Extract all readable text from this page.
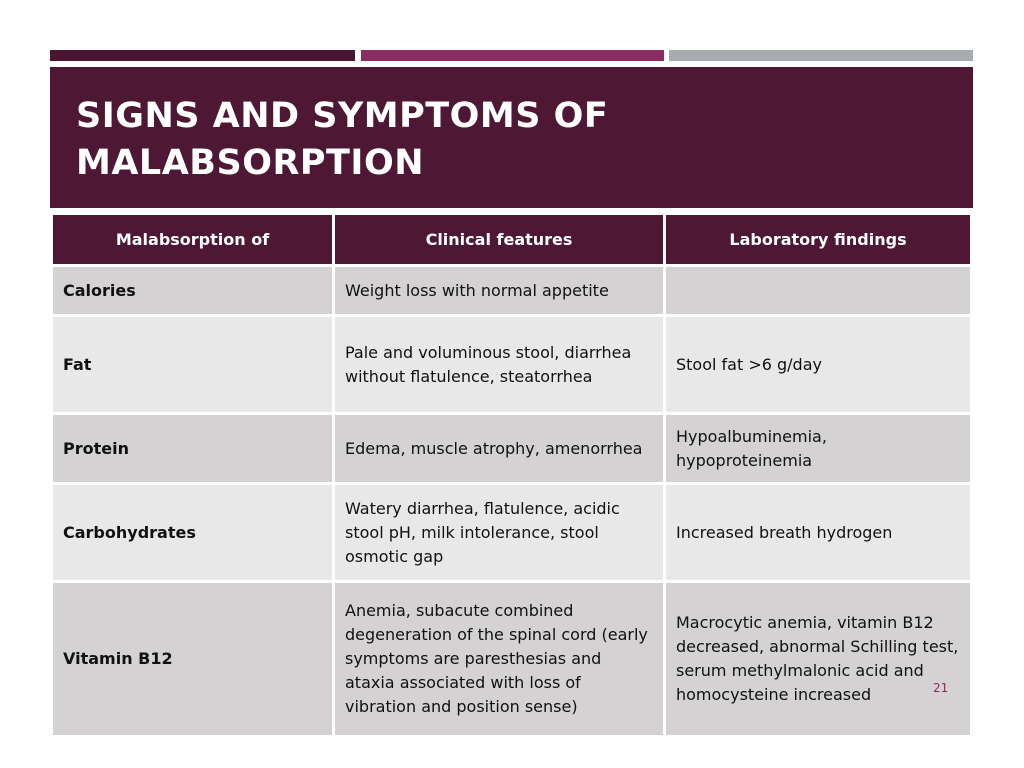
SIGNS AND SYMPTOMS OF
MALABSORPTION
Malabsorption of	Clinical features	Laboratory findings
Calories	Weight loss with normal appetite	
Fat	Pale and voluminous stool, diarrhea without flatulence, steatorrhea	Stool fat >6 g/day
Protein	Edema, muscle atrophy, amenorrhea	Hypoalbuminemia, hypoproteinemia
Carbohydrates	Watery diarrhea, flatulence, acidic stool pH, milk intolerance, stool osmotic gap	Increased breath hydrogen
Vitamin B12	Anemia, subacute combined degeneration of the spinal cord (early symptoms are paresthesias and ataxia associated with loss of vibration and position sense)	Macrocytic anemia, vitamin B12 decreased, abnormal Schilling test, serum methylmalonic acid and homocysteine increased	21
